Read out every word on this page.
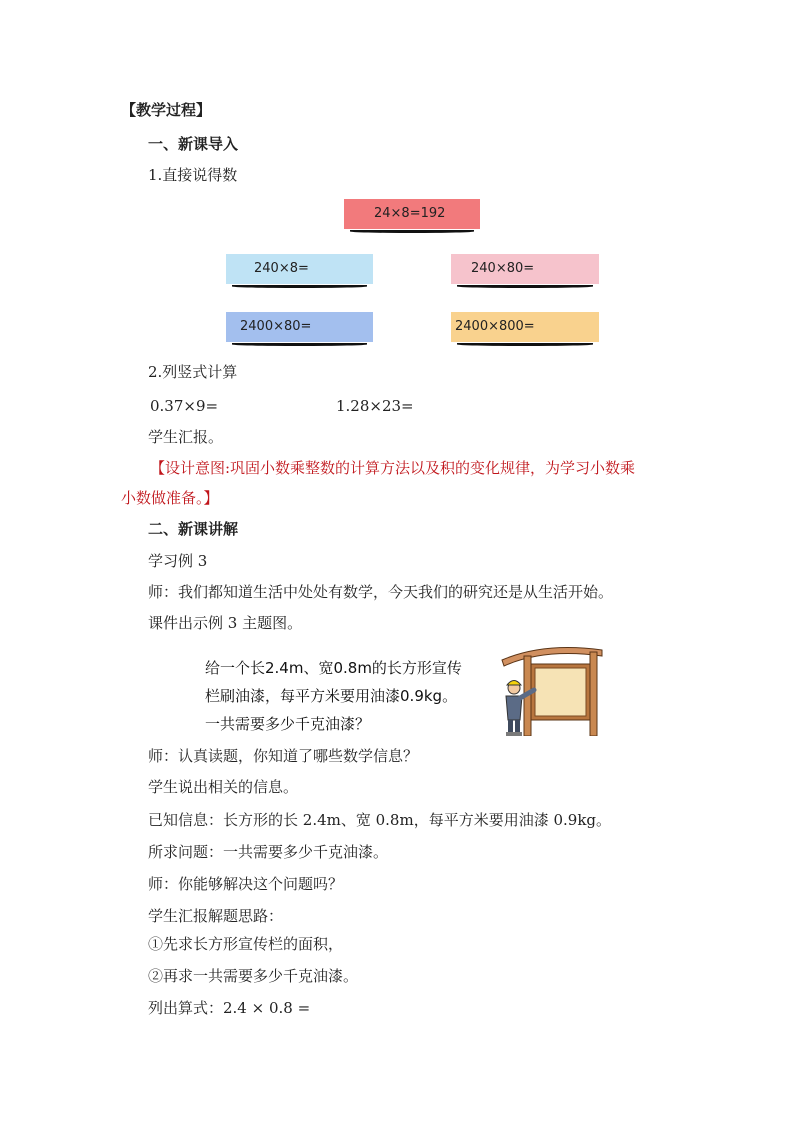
【教学过程】
一、新课导入
1.直接说得数
24×8=192
240×8=	240×80=
2400×80=	2400×800=
2.列竖式计算
0.37×9=	1.28×23=
学生汇报。
【设计意图:巩固小数乘整数的计算方法以及积的变化规律，为学习小数乘
小数做准备。】
二、新课讲解
学习例 3
师：我们都知道生活中处处有数学，今天我们的研究还是从生活开始。
课件出示例 3 主题图。
给一个长2.4m、宽0.8m的长方形宣传
栏刷油漆，每平方米要用油漆0.9kg。
一共需要多少千克油漆？
师：认真读题，你知道了哪些数学信息？
学生说出相关的信息。
已知信息：长方形的长 2.4m、宽 0.8m，每平方米要用油漆 0.9kg。
所求问题：一共需要多少千克油漆。
师：你能够解决这个问题吗？
学生汇报解题思路：
①先求长方形宣传栏的面积，
②再求一共需要多少千克油漆。
列出算式：2.4 × 0.8 =
